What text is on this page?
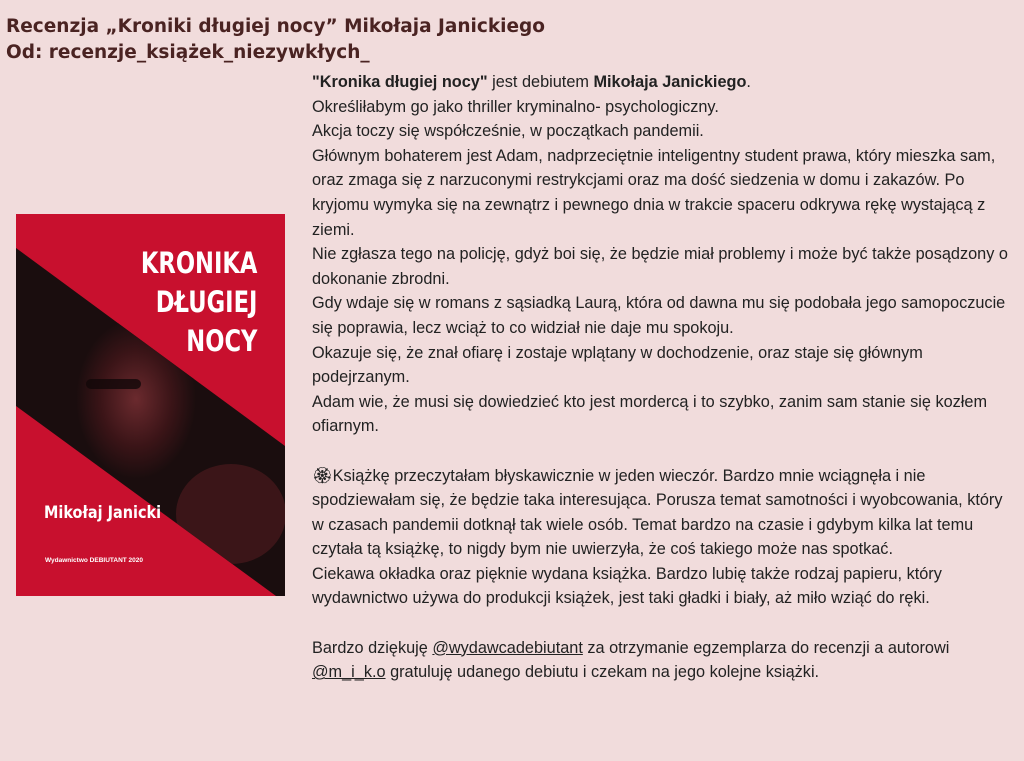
Recenzja „Kroniki długiej nocy” Mikołaja Janickiego
Od: recenzje_książek_niezywkłych_
KRONIKA
DŁUGIEJ
NOCY
Mikołaj Janicki
Wydawnictwo DEBIUTANT 2020

"Kronika długiej nocy" jest debiutem Mikołaja Janickiego.

Określiłabym go jako thriller kryminalno- psychologiczny.

Akcja toczy się współcześnie, w początkach pandemii.

Głównym bohaterem jest Adam, nadprzeciętnie inteligentny student prawa, który mieszka sam, oraz zmaga się z narzuconymi restrykcjami oraz ma dość siedzenia w domu i zakazów. Po kryjomu wymyka się na zewnątrz i pewnego dnia w trakcie spaceru odkrywa rękę wystającą z ziemi.

Nie zgłasza tego na policję, gdyż boi się, że będzie miał problemy i może być także posądzony o dokonanie zbrodni.

Gdy wdaje się w romans z sąsiadką Laurą, która od dawna mu się podobała jego samopoczucie się poprawia, lecz wciąż to co widział nie daje mu spokoju.

Okazuje się, że znał ofiarę i zostaje wplątany w dochodzenie, oraz staje się głównym podejrzanym.

Adam wie, że musi się dowiedzieć kto jest mordercą i to szybko, zanim sam stanie się kozłem ofiarnym.

🏵Książkę przeczytałam błyskawicznie w jeden wieczór. Bardzo mnie wciągnęła i nie spodziewałam się, że będzie taka interesująca. Porusza temat samotności i wyobcowania, który w czasach pandemii dotknął tak wiele osób. Temat bardzo na czasie i gdybym kilka lat temu czytała tą książkę, to nigdy bym nie uwierzyła, że coś takiego może nas spotkać.

Ciekawa okładka oraz pięknie wydana książka. Bardzo lubię także rodzaj papieru, który wydawnictwo używa do produkcji książek, jest taki gładki i biały, aż miło wziąć do ręki.

Bardzo dziękuję @wydawcadebiutant za otrzymanie egzemplarza do recenzji a autorowi @m_i_k.o gratuluję udanego debiutu i czekam na jego kolejne książki.
